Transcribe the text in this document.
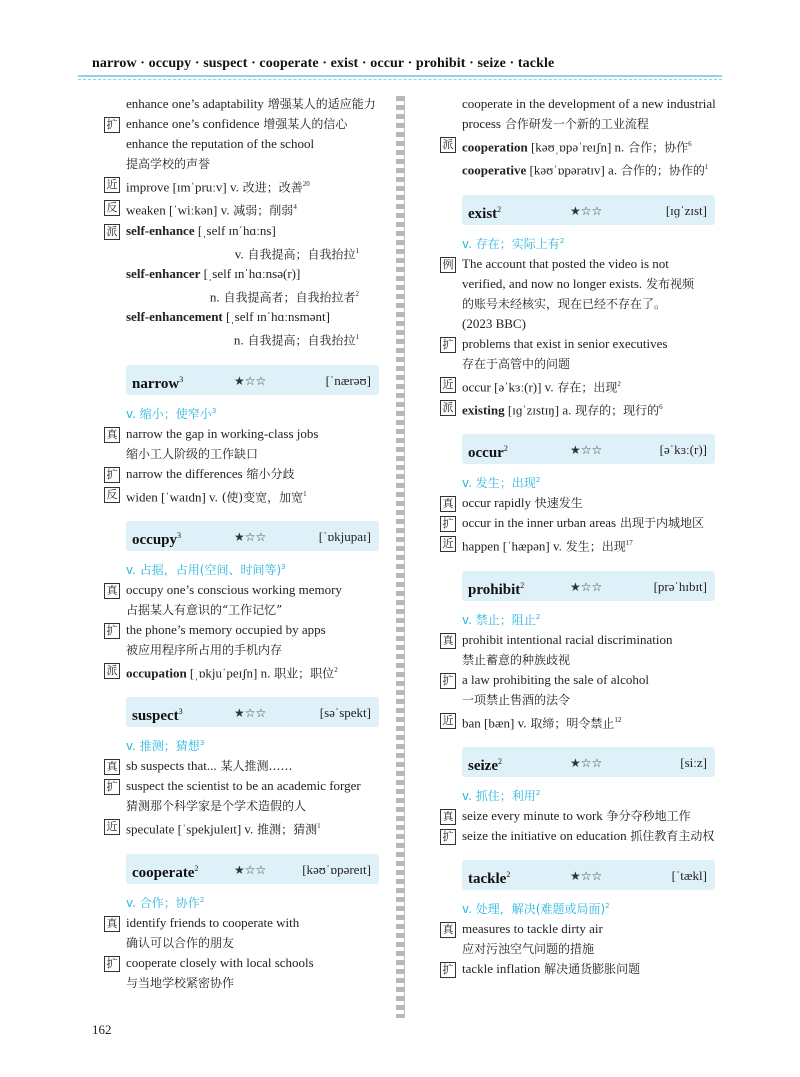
narrow · occupy · suspect · cooperate · exist · occur · prohibit · seize · tackle
enhance one’s adaptability 增强某人的适应能力
扩 enhance one’s confidence 增强某人的信心
enhance the reputation of the school
提高学校的声誉
近 improve [ɪmˈpruːv] v. 改进；改善$^{20}$
反 weaken [ˈwiːkən] v. 减弱；削弱$^4$
派 self-enhance [ˌself ɪnˈhɑːns]
v. 自我提高；自我抬拉$^1$
self-enhancer [ˌself ɪnˈhɑːnsə(r)]
n. 自我提高者；自我抬拉者$^2$
self-enhancement [ˌself ɪnˈhɑːnsmənt]
n. 自我提高；自我抬拉$^1$
narrow$^3$	★☆☆	[ˈnærəʊ]
v. 缩小；使窄小$^3$
真 narrow the gap in working-class jobs
缩小工人阶级的工作缺口
扩 narrow the differences 缩小分歧
反 widen [ˈwaɪdn] v. (使)变宽，加宽$^1$
occupy$^3$	★☆☆	[ˈɒkjupaɪ]
v. 占据，占用(空间、时间等)$^3$
真 occupy one’s conscious working memory
占据某人有意识的“工作记忆”
扩 the phone’s memory occupied by apps
被应用程序所占用的手机内存
派 occupation [ˌɒkjuˈpeɪʃn] n. 职业；职位$^2$
suspect$^3$	★☆☆	[səˈspekt]
v. 推测；猜想$^3$
真 sb suspects that... 某人推测……
扩 suspect the scientist to be an academic forger
猜测那个科学家是个学术造假的人
近 speculate [ˈspekjuleɪt] v. 推测；猜测$^1$
cooperate$^2$	★☆☆	[kəʊˈɒpəreɪt]
v. 合作；协作$^2$
真 identify friends to cooperate with
确认可以合作的朋友
扩 cooperate closely with local schools
与当地学校紧密协作
cooperate in the development of a new industrial
process 合作研发一个新的工业流程
派 cooperation [kəʊˌɒpəˈreɪʃn] n. 合作；协作$^6$
cooperative [kəʊˈɒpərətɪv] a. 合作的；协作的$^1$
exist$^2$	★☆☆	[ɪɡˈzɪst]
v. 存在；实际上有$^2$
例 The account that posted the video is not
verified, and now no longer exists. 发布视频
的账号未经核实，现在已经不存在了。
(2023 BBC)
扩 problems that exist in senior executives
存在于高管中的问题
近 occur [əˈkɜː(r)] v. 存在；出现$^2$
派 existing [ɪɡˈzɪstɪŋ] a. 现存的；现行的$^6$
occur$^2$	★☆☆	[əˈkɜː(r)]
v. 发生；出现$^2$
真 occur rapidly 快速发生
扩 occur in the inner urban areas 出现于内城地区
近 happen [ˈhæpən] v. 发生；出现$^{17}$
prohibit$^2$	★☆☆	[prəˈhɪbɪt]
v. 禁止；阻止$^2$
真 prohibit intentional racial discrimination
禁止蓄意的种族歧视
扩 a law prohibiting the sale of alcohol
一项禁止售酒的法令
近 ban [bæn] v. 取缔；明令禁止$^{12}$
seize$^2$	★☆☆	[siːz]
v. 抓住；利用$^2$
真 seize every minute to work 争分夺秒地工作
扩 seize the initiative on education 抓住教育主动权
tackle$^2$	★☆☆	[ˈtækl]
v. 处理，解决(难题或局面)$^2$
真 measures to tackle dirty air
应对污浊空气问题的措施
扩 tackle inflation 解决通货膨胀问题
162
